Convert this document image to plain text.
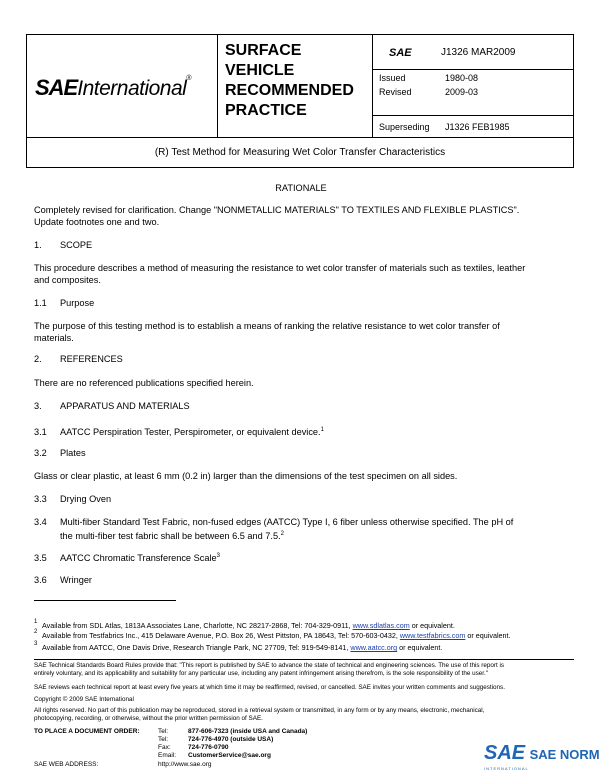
SAEInternational®
SURFACE
VEHICLE
RECOMMENDED
PRACTICE
SAE	J1326 MAR2009
Issued	1980-08
Revised	2009-03
Superseding J1326 FEB1985
(R) Test Method for Measuring Wet Color Transfer Characteristics
RATIONALE
Completely revised for clarification. Change "NONMETALLIC MATERIALS" TO TEXTILES AND FLEXIBLE PLASTICS".
Update footnotes one and two.
1. SCOPE
This procedure describes a method of measuring the resistance to wet color transfer of materials such as textiles, leather
and composites.
1.1 Purpose
The purpose of this testing method is to establish a means of ranking the relative resistance to wet color transfer of
materials.
2. REFERENCES
There are no referenced publications specified herein.
3. APPARATUS AND MATERIALS
3.1 AATCC Perspiration Tester, Perspirometer, or equivalent device.$^1$
3.2 Plates
Glass or clear plastic, at least 6 mm (0.2 in) larger than the dimensions of the test specimen on all sides.
3.3 Drying Oven
3.4 Multi-fiber Standard Test Fabric, non-fused edges (AATCC) Type I, 6 fiber unless otherwise specified. The pH of
the multi-fiber test fabric shall be between 6.5 and 7.5.$^2$
3.5 AATCC Chromatic Transference Scale$^3$
3.6 Wringer
1 Available from SDL Atlas, 1813A Associates Lane, Charlotte, NC 28217-2868, Tel: 704-329-0911, www.sdlatlas.com or equivalent.
2 Available from Testfabrics Inc., 415 Delaware Avenue, P.O. Box 26, West Pittston, PA 18643, Tel: 570-603-0432, www.testfabrics.com or equivalent.
3 Available from AATCC, One Davis Drive, Research Triangle Park, NC 27709, Tel: 919-549-8141, www.aatcc.org or equivalent.
SAE Technical Standards Board Rules provide that: "This report is published by SAE to advance the state of technical and engineering sciences. The use of this report is
entirely voluntary, and its applicability and suitability for any particular use, including any patent infringement arising therefrom, is the sole responsibility of the user."
SAE reviews each technical report at least every five years at which time it may be reaffirmed, revised, or cancelled. SAE invites your written comments and suggestions.
Copyright © 2009 SAE International
All rights reserved. No part of this publication may be reproduced, stored in a retrieval system or transmitted, in any form or by any means, electronic, mechanical,
photocopying, recording, or otherwise, without the prior written permission of SAE.
TO PLACE A DOCUMENT ORDER:	Tel:	877-606-7323 (inside USA and Canada)
Tel:	724-776-4970 (outside USA)
Fax:	724-776-0790
Email: CustomerService@sae.org
SAE WEB ADDRESS:	http://www.sae.org
SAE SAE NORM
INTERNATIONAL
